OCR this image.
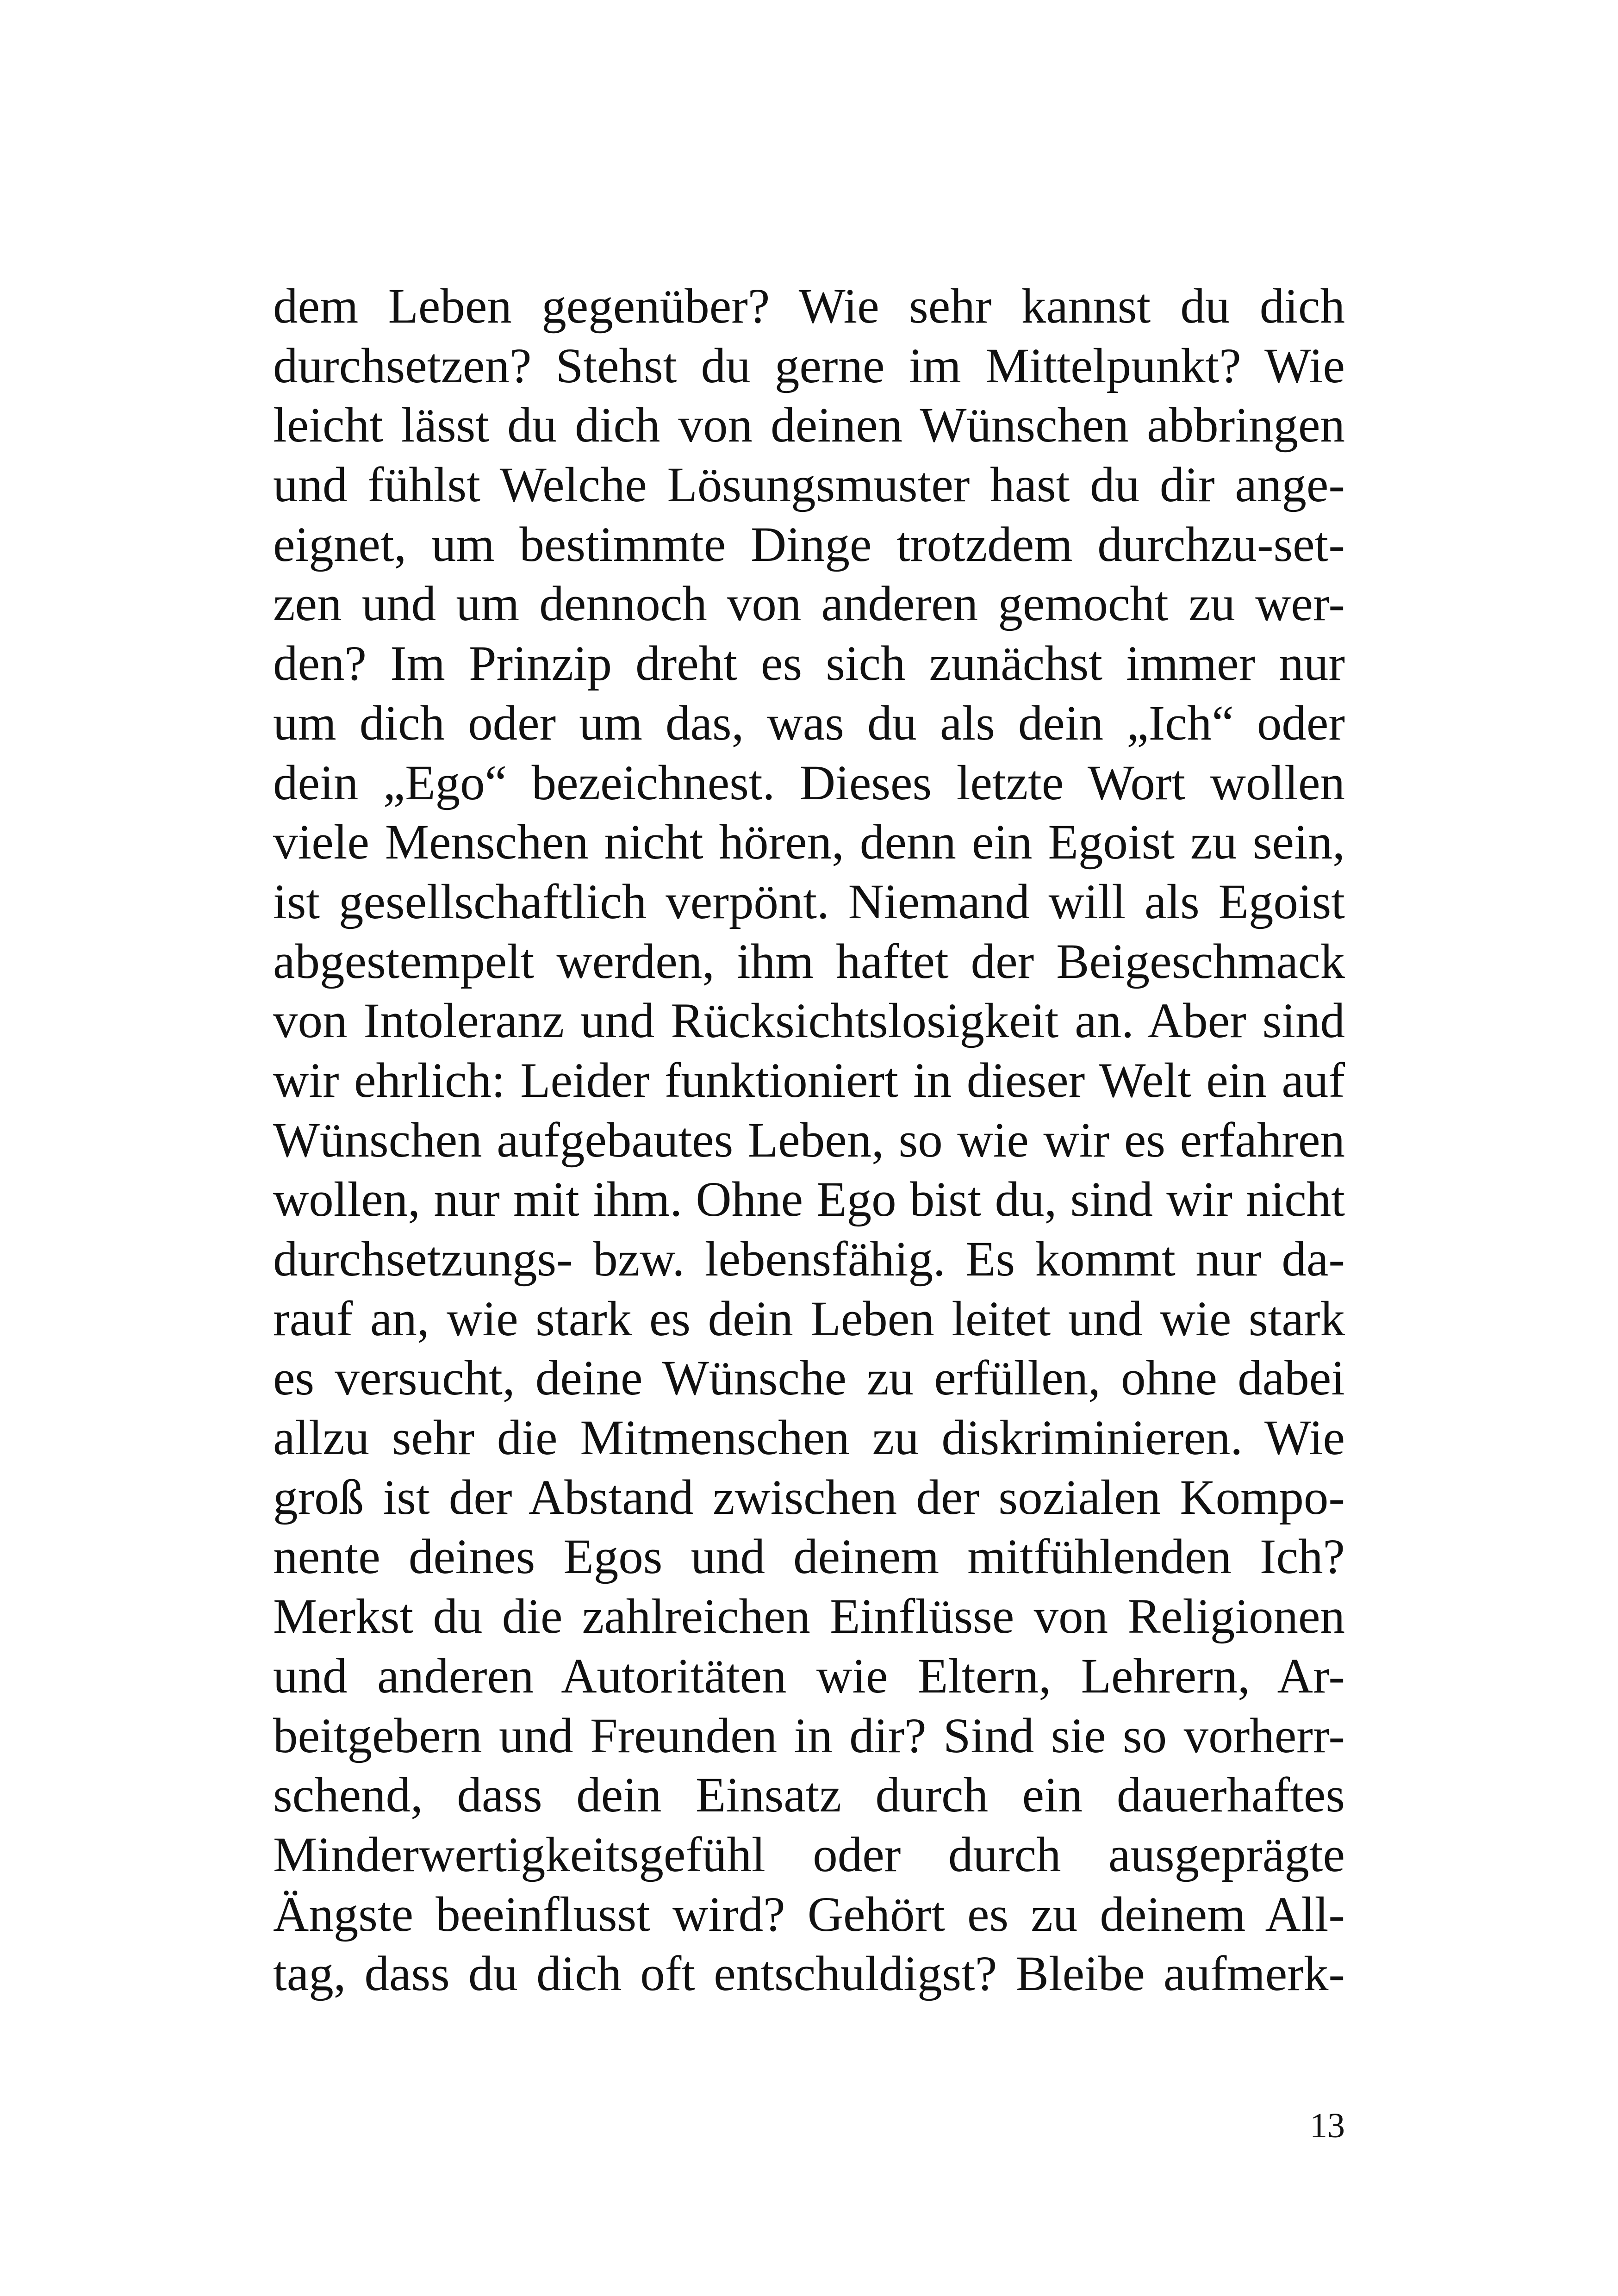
dem Leben gegenüber? Wie sehr kannst du dich
durchsetzen? Stehst du gerne im Mittelpunkt? Wie
leicht lässt du dich von deinen Wünschen abbringen
und fühlst Welche Lösungsmuster hast du dir ange-
eignet, um bestimmte Dinge trotzdem durchzu-set-
zen und um dennoch von anderen gemocht zu wer-
den? Im Prinzip dreht es sich zunächst immer nur
um dich oder um das, was du als dein „Ich“ oder
dein „Ego“ bezeichnest. Dieses letzte Wort wollen
viele Menschen nicht hören, denn ein Egoist zu sein,
ist gesellschaftlich verpönt. Niemand will als Egoist
abgestempelt werden, ihm haftet der Beigeschmack
von Intoleranz und Rücksichtslosigkeit an. Aber sind
wir ehrlich: Leider funktioniert in dieser Welt ein auf
Wünschen aufgebautes Leben, so wie wir es erfahren
wollen, nur mit ihm. Ohne Ego bist du, sind wir nicht
durchsetzungs- bzw. lebensfähig. Es kommt nur da-
rauf an, wie stark es dein Leben leitet und wie stark
es versucht, deine Wünsche zu erfüllen, ohne dabei
allzu sehr die Mitmenschen zu diskriminieren. Wie
groß ist der Abstand zwischen der sozialen Kompo-
nente deines Egos und deinem mitfühlenden Ich?
Merkst du die zahlreichen Einflüsse von Religionen
und anderen Autoritäten wie Eltern, Lehrern, Ar-
beitgebern und Freunden in dir? Sind sie so vorherr-
schend, dass dein Einsatz durch ein dauerhaftes
Minderwertigkeitsgefühl oder durch ausgeprägte
Ängste beeinflusst wird? Gehört es zu deinem All-
tag, dass du dich oft entschuldigst? Bleibe aufmerk-
13
